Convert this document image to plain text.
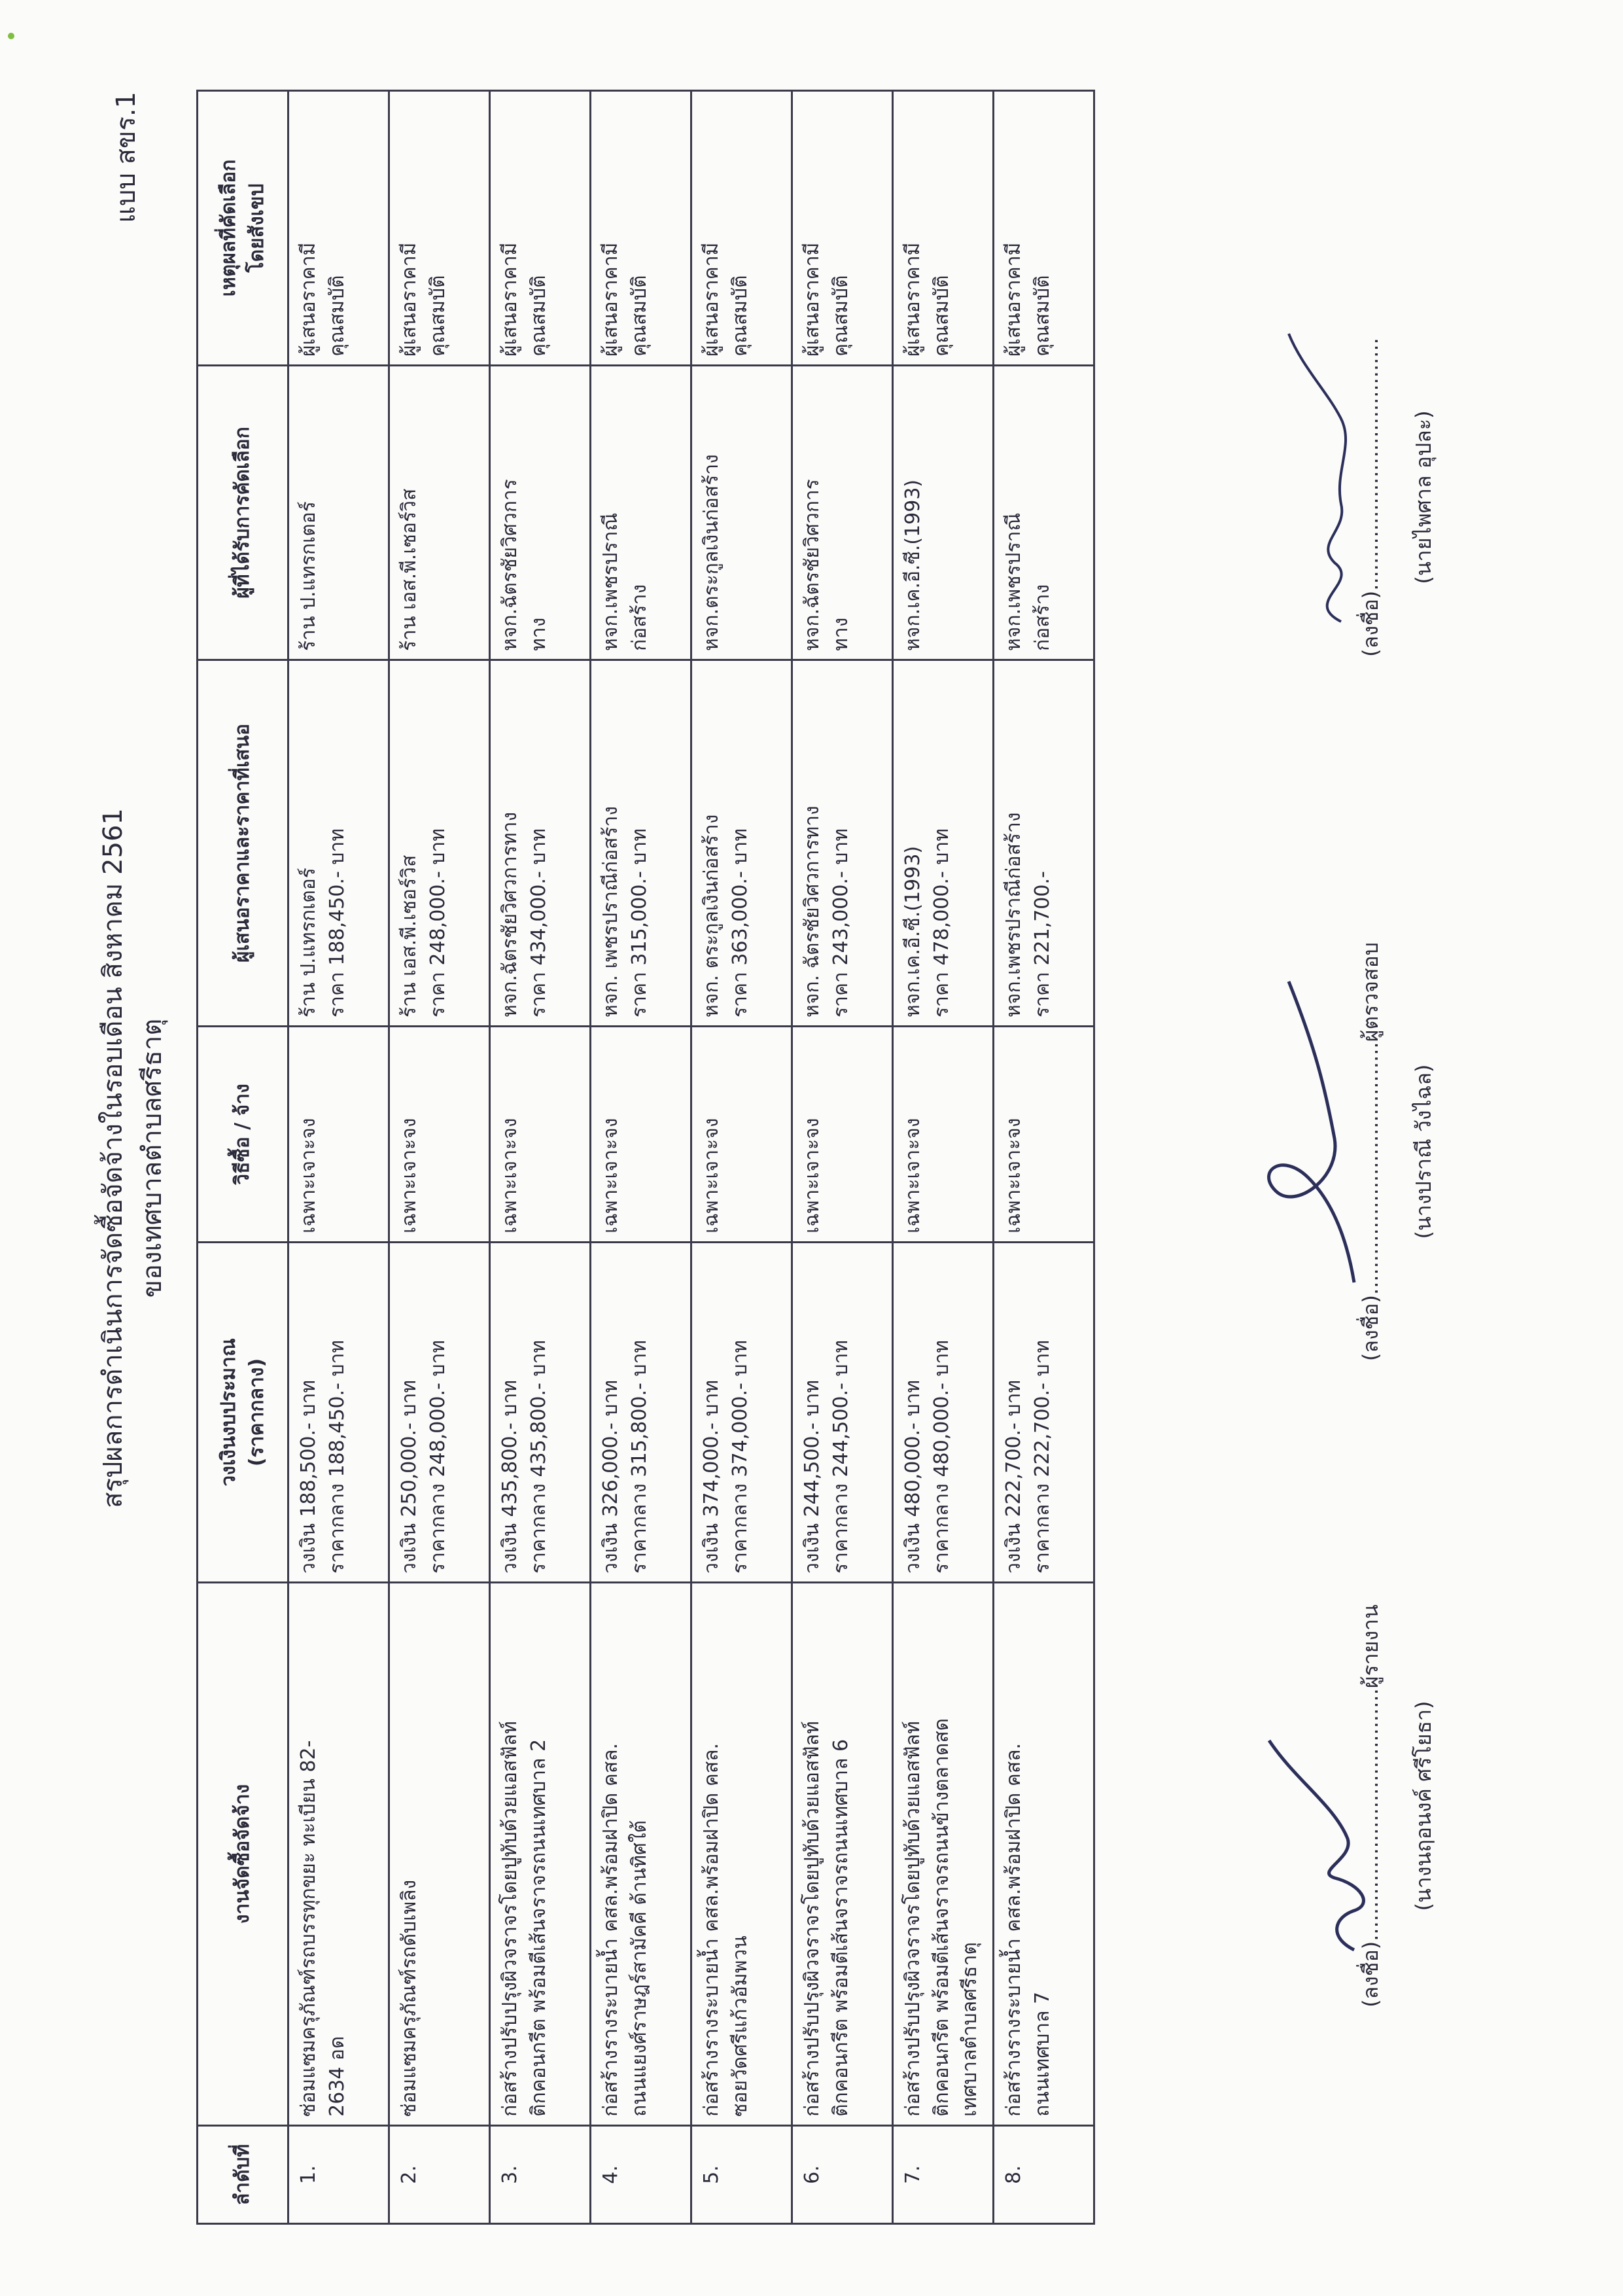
แบบ สขร.1
สรุปผลการดำเนินการจัดซื้อจัดจ้างในรอบเดือน สิงหาคม 2561 ของเทศบาลตำบลศรีธาตุ
ลำดับที่	งานจัดซื้อจัดจ้าง	วงเงินงบประมาณ (ราคากลาง)	วิธีซื้อ / จ้าง	ผู้เสนอราคาและราคาที่เสนอ	ผู้ที่ได้รับการคัดเลือก	เหตุผลที่คัดเลือก โดยสังเขป

1.	ซ่อมแซมครุภัณฑ์รถบรรทุกขยะ ทะเบียน 82- 2634 อด	วงเงิน 188,500.- บาท ราคากลาง 188,450.- บาท	เฉพาะเจาะจง	ร้าน ป.แทรกเตอร์ ราคา 188,450.- บาท	ร้าน ป.แทรกเตอร์	ผู้เสนอราคามี คุณสมบัติ

2.	ซ่อมแซมครุภัณฑ์รถดับเพลิง	วงเงิน 250,000.- บาท ราคากลาง 248,000.- บาท	เฉพาะเจาะจง	ร้าน เอส.พี.เซอร์วิส ราคา 248,000.- บาท	ร้าน เอส.พี.เซอร์วิส	ผู้เสนอราคามี คุณสมบัติ

3.	ก่อสร้างปรับปรุงผิวจราจรโดยปูทับด้วยแอสฟัลท์ ติกคอนกรีต พร้อมตีเส้นจราจรถนนเทศบาล 2	วงเงิน 435,800.- บาท ราคากลาง 435,800.- บาท	เฉพาะเจาะจง	หจก.ฉัตรชัยวิศวการทาง ราคา 434,000.- บาท	หจก.ฉัตรชัยวิศวการ ทาง	ผู้เสนอราคามี คุณสมบัติ

4.	ก่อสร้างรางระบายน้ำ คสล.พร้อมฝาปิด คสล. ถนนแยงศ์ราษฎร์สามัคคี ด้านทิศใต้	วงเงิน 326,000.- บาท ราคากลาง 315,800.- บาท	เฉพาะเจาะจง	หจก. เพชรปราณีก่อสร้าง ราคา 315,000.- บาท	หจก.เพชรปราณี ก่อสร้าง	ผู้เสนอราคามี คุณสมบัติ

5.	ก่อสร้างรางระบายน้ำ คสล.พร้อมฝาปิด คสล. ซอยวัดศรีแก้วอัมพวน	วงเงิน 374,000.- บาท ราคากลาง 374,000.- บาท	เฉพาะเจาะจง	หจก. ตระกูลเงินก่อสร้าง ราคา 363,000.- บาท	หจก.ตระกูลเงินก่อสร้าง	ผู้เสนอราคามี คุณสมบัติ

6.	ก่อสร้างปรับปรุงผิวจราจรโดยปูทับด้วยแอสฟัลท์ ติกคอนกรีต พร้อมตีเส้นจราจรถนนเทศบาล 6	วงเงิน 244,500.- บาท ราคากลาง 244,500.- บาท	เฉพาะเจาะจง	หจก. ฉัตรชัยวิศวการทาง ราคา 243,000.- บาท	หจก.ฉัตรชัยวิศวการ ทาง	ผู้เสนอราคามี คุณสมบัติ

7.	ก่อสร้างปรับปรุงผิวจราจรโดยปูทับด้วยแอสฟัลท์ ติกคอนกรีต พร้อมตีเส้นจราจรถนนข้างตลาดสด เทศบาลตำบลศรีธาตุ	วงเงิน 480,000.- บาท ราคากลาง 480,000.- บาท	เฉพาะเจาะจง	หจก.เค.อี.ซี.(1993) ราคา 478,000.- บาท	หจก.เค.อี.ซี.(1993)	ผู้เสนอราคามี คุณสมบัติ

8.	ก่อสร้างรางระบายน้ำ คสล.พร้อมฝาปิด คสล. ถนนเทศบาล 7	วงเงิน 222,700.- บาท ราคากลาง 222,700.- บาท	เฉพาะเจาะจง	หจก.เพชรปราณีก่อสร้าง ราคา 221,700.-	หจก.เพชรปราณี ก่อสร้าง	ผู้เสนอราคามี คุณสมบัติ
(ลงชื่อ)......................................ผู้รายงาน (นางนฤอนงค์ ศรีโยธา)
(ลงชื่อ)......................................ผู้ตรวจสอบ (นางปราณี วังไฉล)
(ลงชื่อ)...................................... (นายไพศาล อุปละ)
